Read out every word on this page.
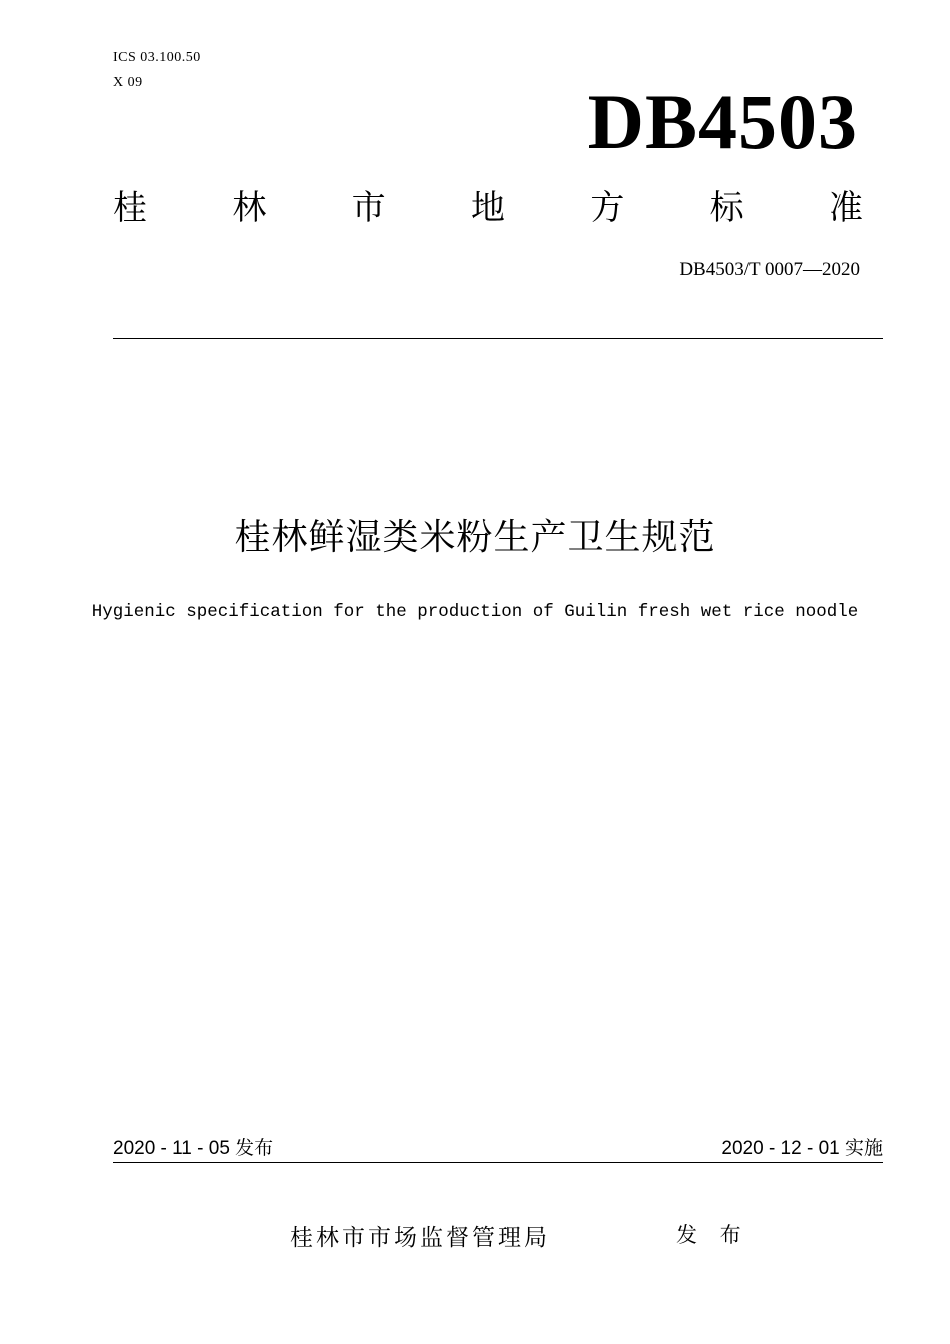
ICS 03.100.50
X 09	DB4503
桂	林	市	地	方	标	准
DB4503/T 0007—2020
桂林鲜湿类米粉生产卫生规范
Hygienic specification for the production of Guilin fresh wet rice noodle
2020 - 11 - 05 发布	2020 - 12 - 01 实施
桂林市市场监督管理局	发 布
